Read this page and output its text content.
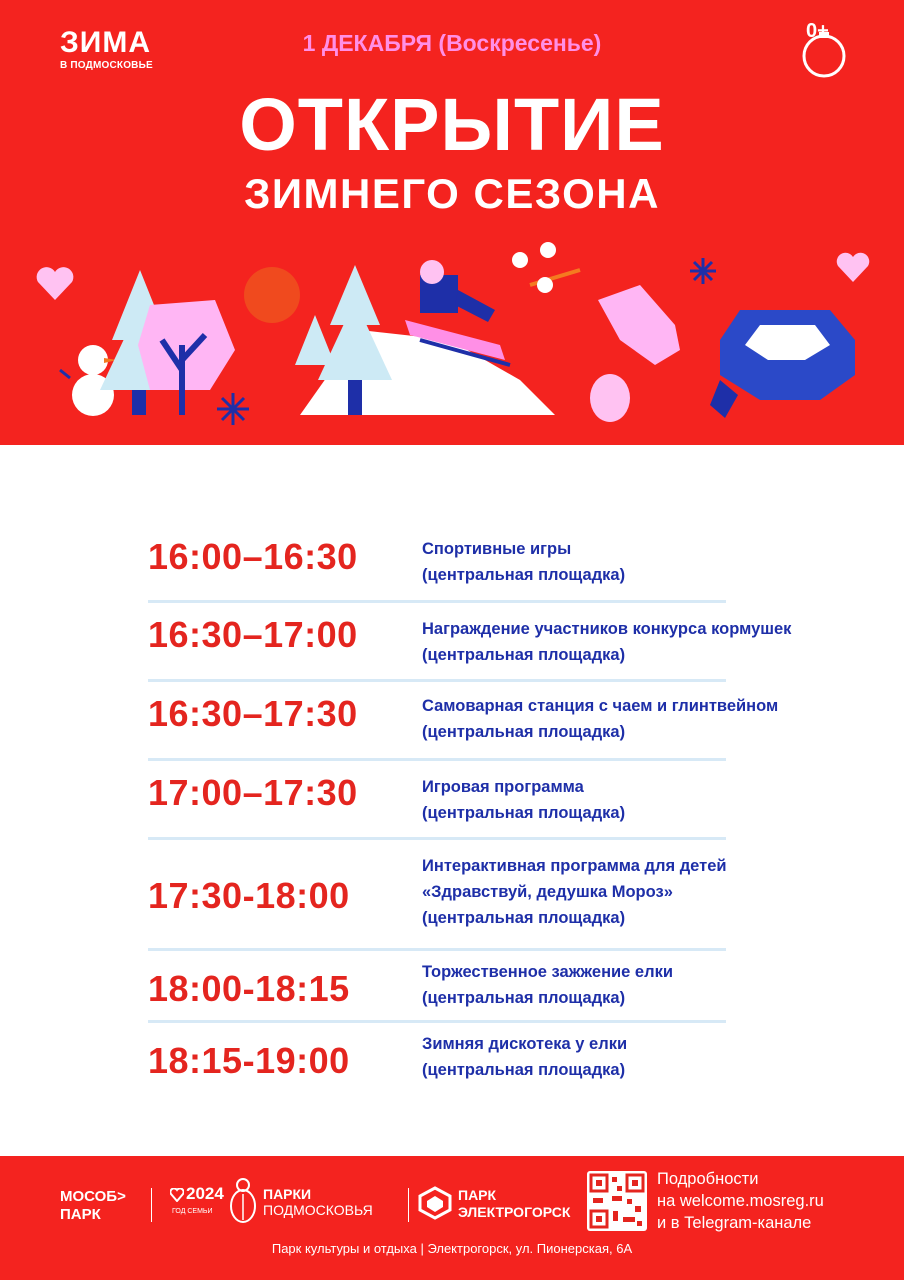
ЗИМА
В ПОДМОСКОВЬЕ
1 ДЕКАБРЯ (Воскресенье)	0+
ОТКРЫТИЕ
ЗИМНЕГО СЕЗОНА
16:00–16:30	Спортивные игры
(центральная площадка)
16:30–17:00	Награждение участников конкурса кормушек
(центральная площадка)
16:30–17:30	Самоварная станция с чаем и глинтвейном
(центральная площадка)
17:00–17:30	Игровая программа
(центральная площадка)
17:30-18:00
Интерактивная программа для детей
«Здравствуй, дедушка Мороз»
(центральная площадка)
18:00-18:15	Торжественное зажжение елки
(центральная площадка)
18:15-19:00	Зимняя дискотека у елки
(центральная площадка)
МОСОБ>
ПАРК
2024
ГОД СЕМЬИ
ПАРКИ
ПОДМОСКОВЬЯ
ПАРК
ЭЛЕКТРОГОРСК
Подробности
на welcome.mosreg.ru
и в Telegram-канале
Парк культуры и отдыха | Электрогорск, ул. Пионерская, 6А
